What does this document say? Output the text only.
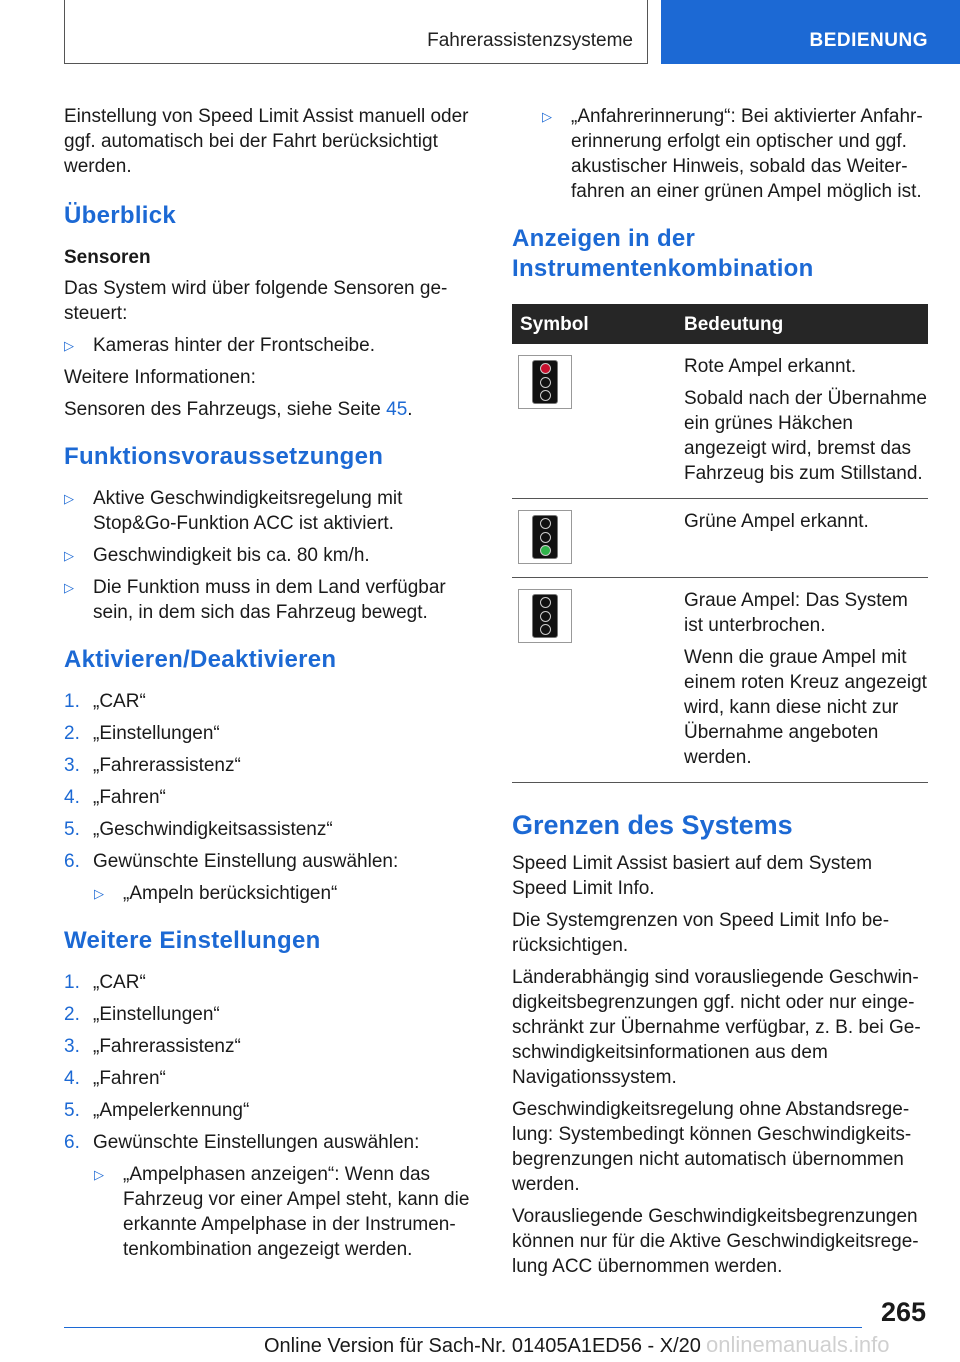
Fahrerassistenzsysteme	BEDIENUNG

Einstellung von Speed Limit Assist manuell oder ggf. automatisch bei der Fahrt berücksichtigt werden.

Überblick
Sensoren

Das System wird über folgende Sensoren gesteuert:

▷	Kameras hinter der Frontscheibe.

Weitere Informationen:

Sensoren des Fahrzeugs, siehe Seite 45.

Funktionsvoraussetzungen
▷	Aktive Geschwindigkeitsregelung mit Stop&Go-Funktion ACC ist aktiviert.
▷	Geschwindigkeit bis ca. 80 km/h.
▷	Die Funktion muss in dem Land verfügbar sein, in dem sich das Fahrzeug bewegt.
Aktivieren/Deaktivieren
1. „CAR“
2. „Einstellungen“
3. „Fahrerassistenz“
4. „Fahren“
5. „Geschwindigkeitsassistenz“
6. Gewünschte Einstellung auswählen:
▷	„Ampeln berücksichtigen“
Weitere Einstellungen
1. „CAR“
2. „Einstellungen“
3. „Fahrerassistenz“
4. „Fahren“
5. „Ampelerkennung“
6. Gewünschte Einstellungen auswählen:
▷	„Ampelphasen anzeigen“: Wenn das Fahrzeug vor einer Ampel steht, kann die erkannte Ampelphase in der Instrumentenkombination angezeigt werden.
▷	„Anfahrerinnerung“: Bei aktivierter Anfahrerinnerung erfolgt ein optischer und ggf. akustischer Hinweis, sobald das Weiterfahren an einer grünen Ampel möglich ist.
Anzeigen in der Instrumentenkombination
Symbol	Bedeutung

	Rote Ampel erkannt.

Sobald nach der Übernahme ein grünes Häkchen angezeigt wird, bremst das Fahrzeug bis zum Stillstand.

	Grüne Ampel erkannt.

	Graue Ampel: Das System ist unterbrochen.

Wenn die graue Ampel mit einem roten Kreuz angezeigt wird, kann diese nicht zur Übernahme angeboten werden.

Grenzen des Systems

Speed Limit Assist basiert auf dem System Speed Limit Info.

Die Systemgrenzen von Speed Limit Info berücksichtigen.

Länderabhängig sind vorausliegende Geschwindigkeitsbegrenzungen ggf. nicht oder nur eingeschränkt zur Übernahme verfügbar, z. B. bei Geschwindigkeitsinformationen aus dem Navigationssystem.

Geschwindigkeitsregelung ohne Abstandsregelung: Systembedingt können Geschwindigkeitsbegrenzungen nicht automatisch übernommen werden.

Vorausliegende Geschwindigkeitsbegrenzungen können nur für die Aktive Geschwindigkeitsregelung ACC übernommen werden.

265
Online Version für Sach-Nr. 01405A1ED56 - X/20 onlinemanuals.info
